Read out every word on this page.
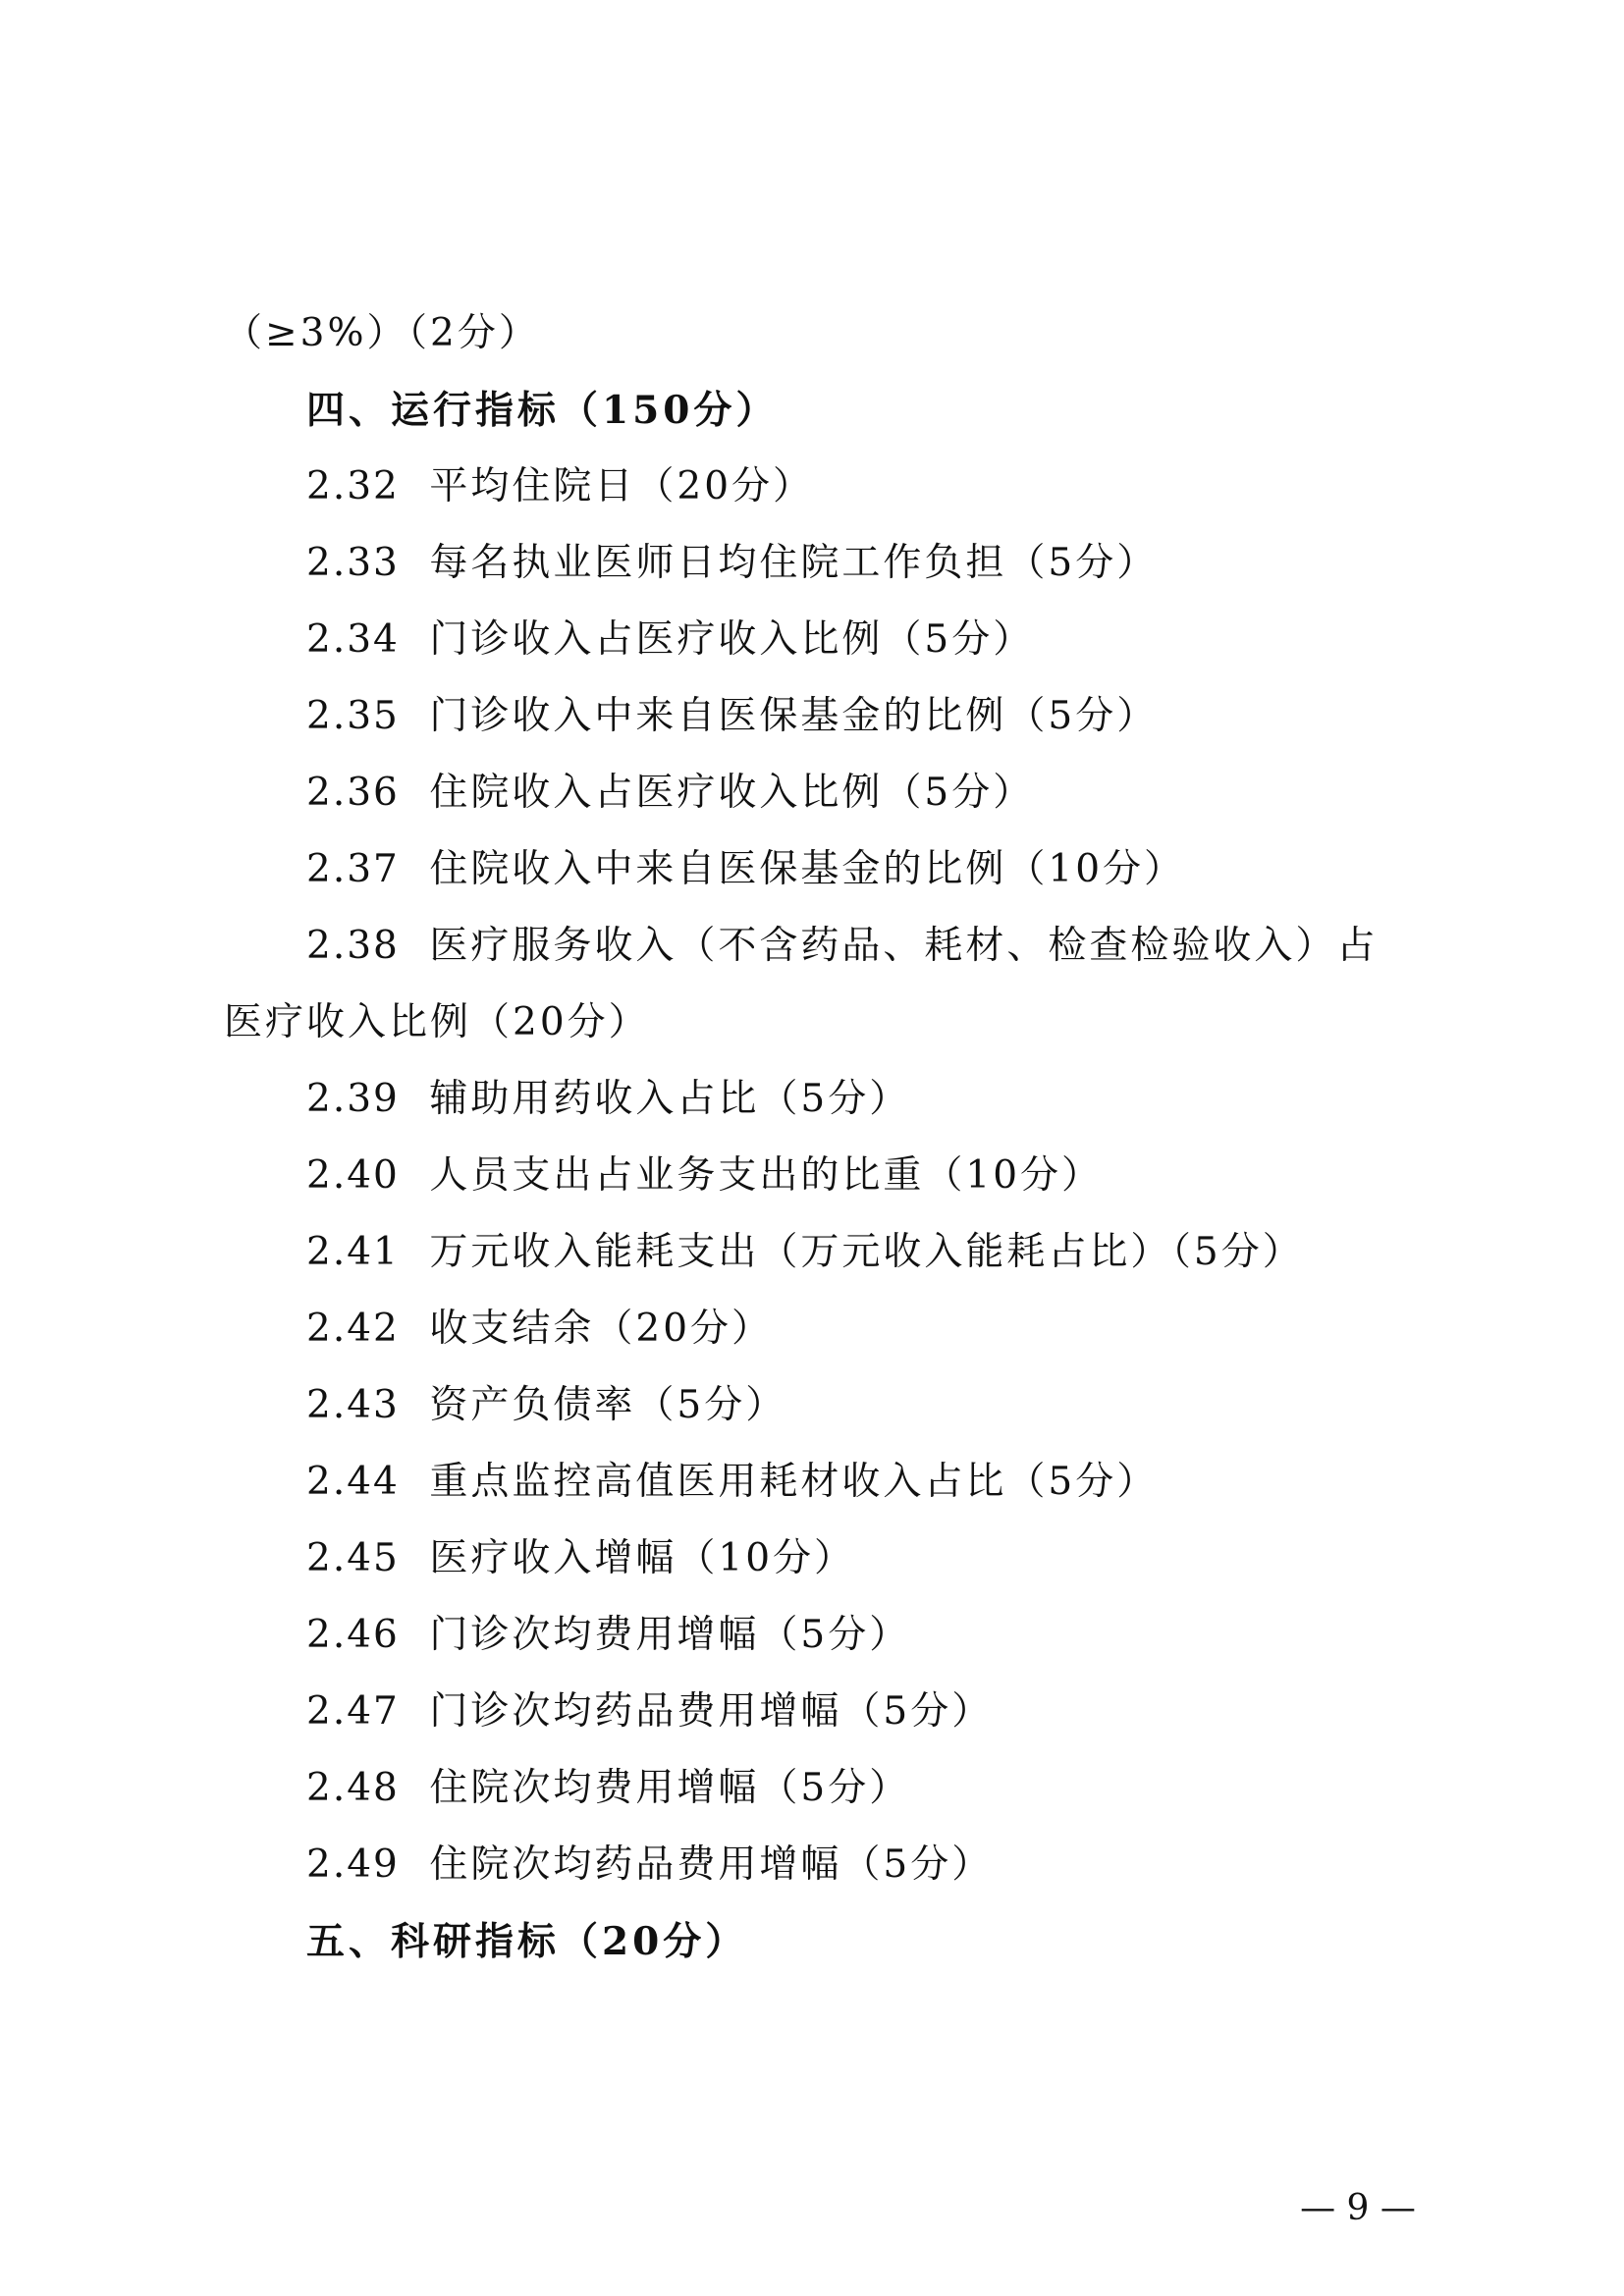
（≥3%）（2分）
四、运行指标（150分）
2.32 平均住院日（20分）
2.33 每名执业医师日均住院工作负担（5分）
2.34 门诊收入占医疗收入比例（5分）
2.35 门诊收入中来自医保基金的比例（5分）
2.36 住院收入占医疗收入比例（5分）
2.37 住院收入中来自医保基金的比例（10分）
2.38 医疗服务收入（不含药品、耗材、检查检验收入）占
医疗收入比例（20分）
2.39 辅助用药收入占比（5分）
2.40 人员支出占业务支出的比重（10分）
2.41 万元收入能耗支出（万元收入能耗占比）（5分）
2.42 收支结余（20分）
2.43 资产负债率（5分）
2.44 重点监控高值医用耗材收入占比（5分）
2.45 医疗收入增幅（10分）
2.46 门诊次均费用增幅（5分）
2.47 门诊次均药品费用增幅（5分）
2.48 住院次均费用增幅（5分）
2.49 住院次均药品费用增幅（5分）
五、科研指标（20分）
— 9 —
